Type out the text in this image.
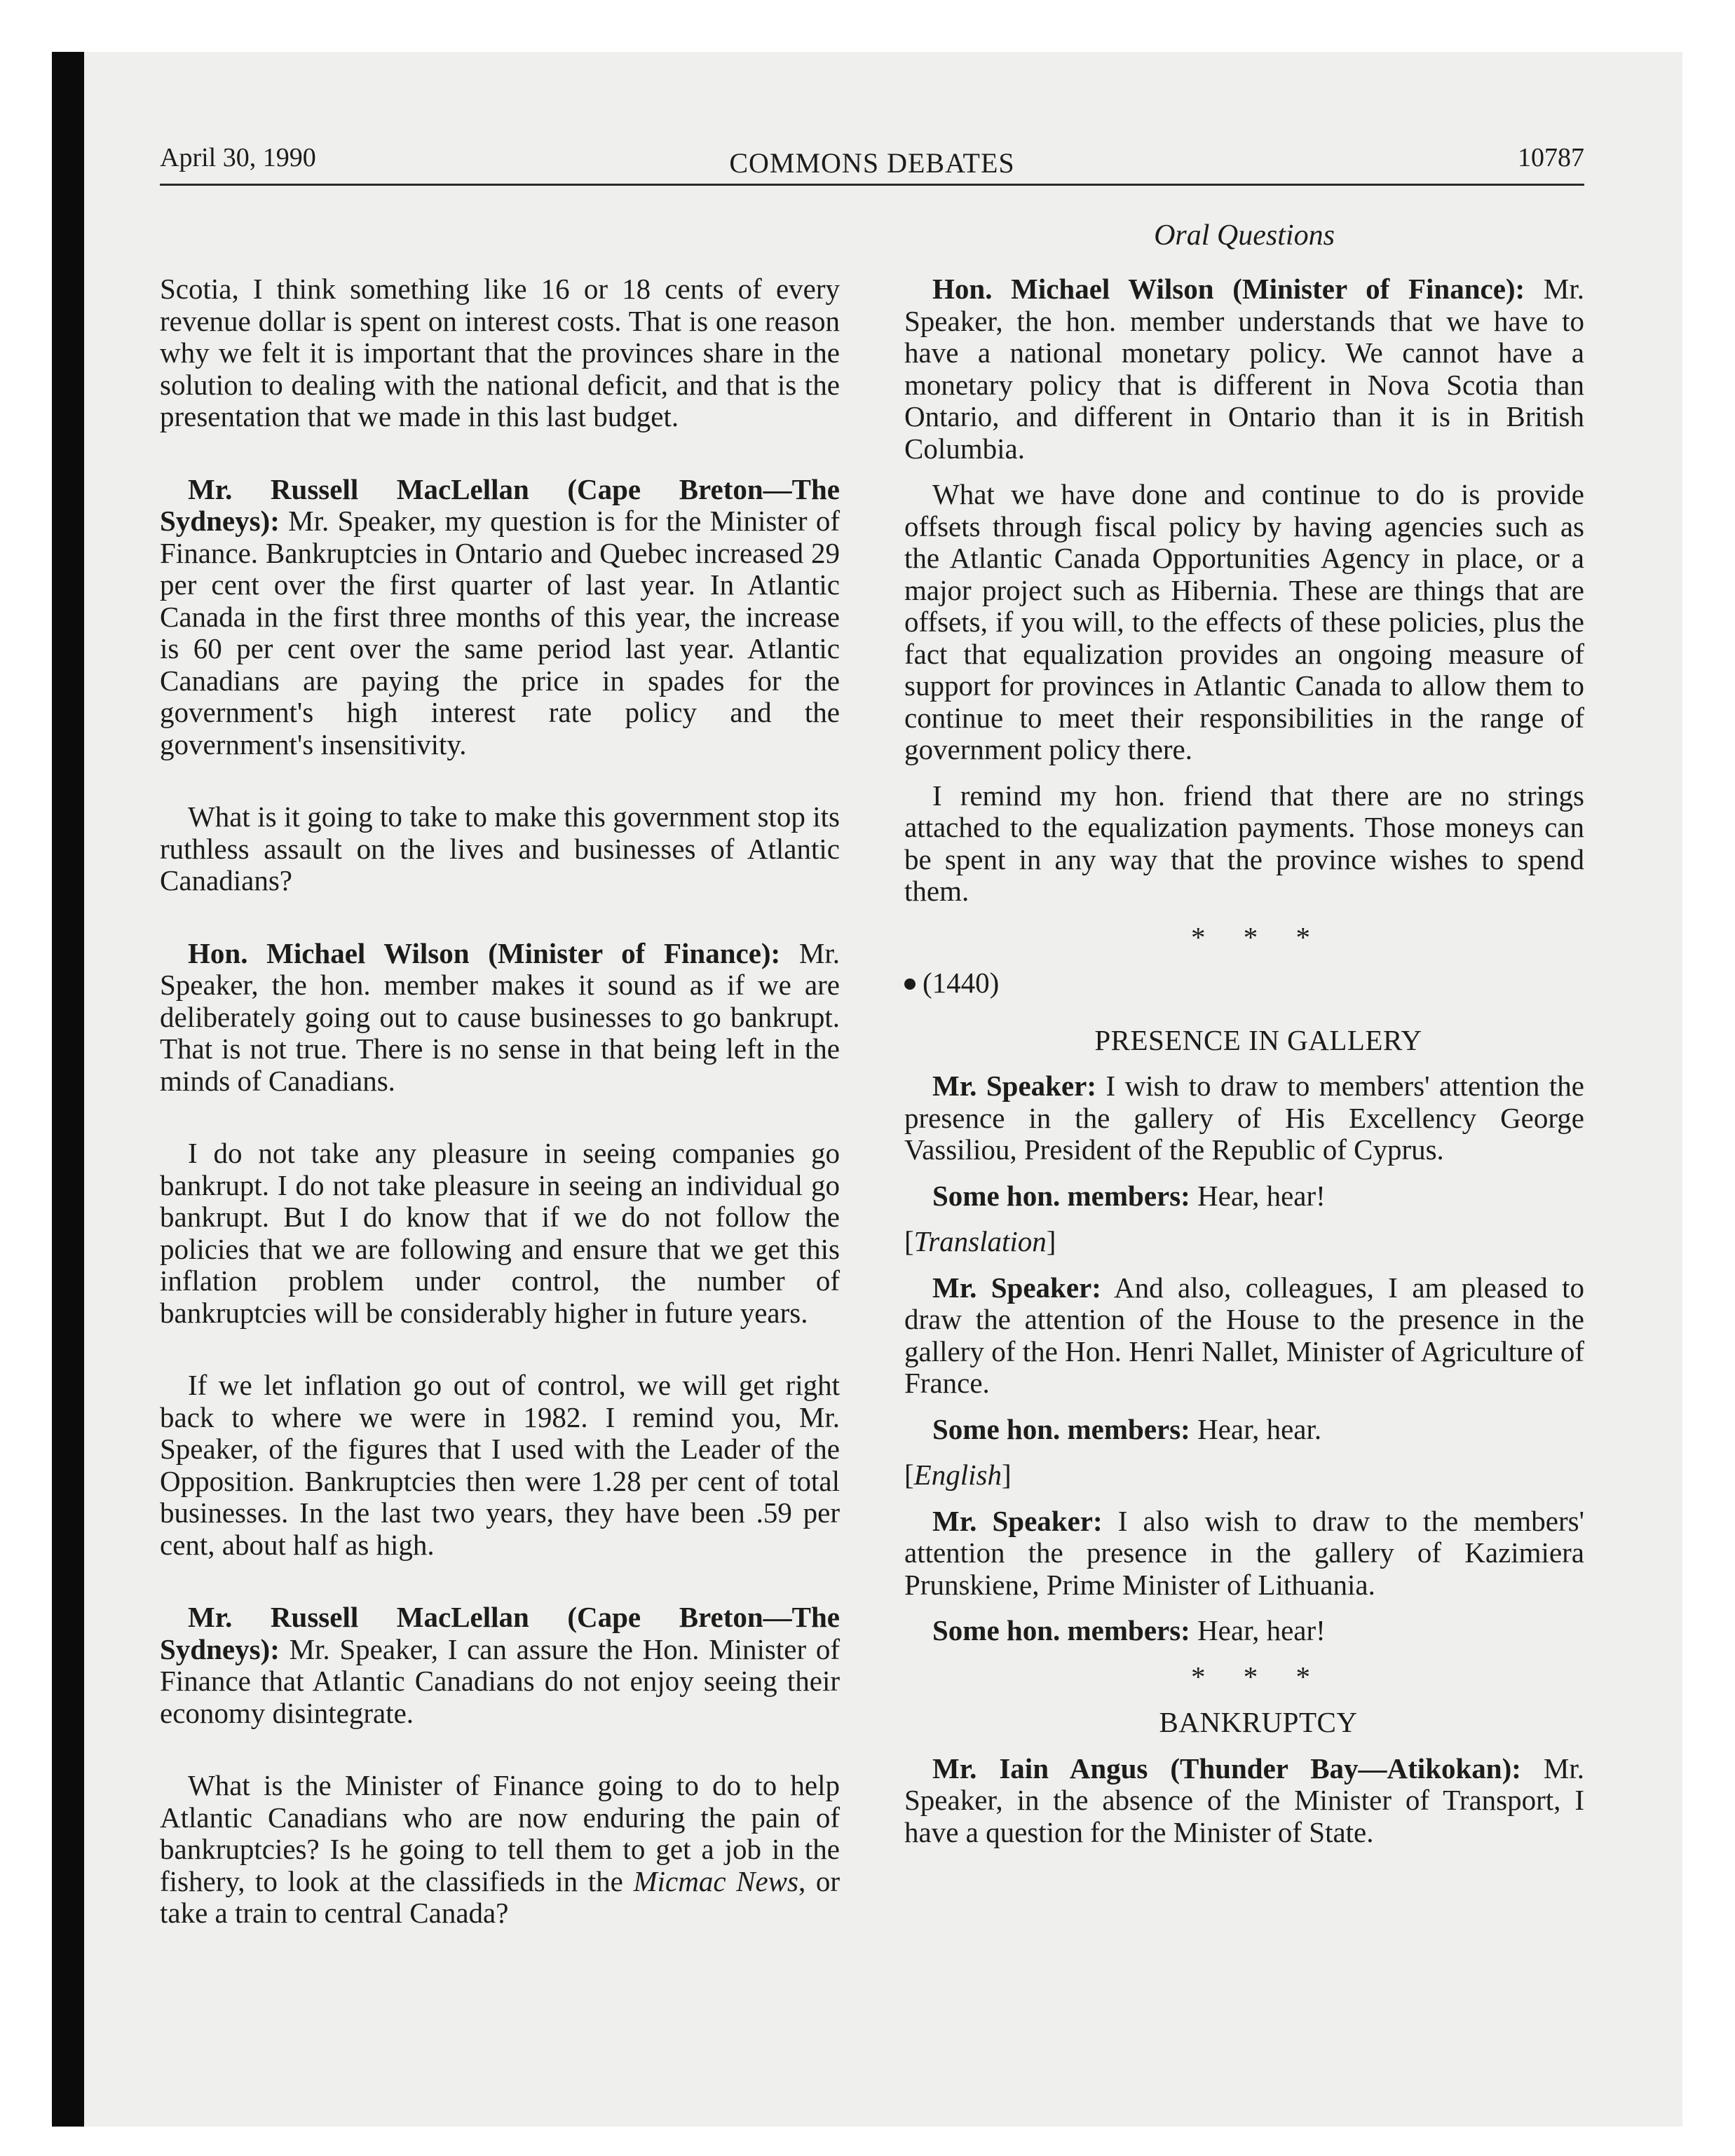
April 30, 1990	COMMONS DEBATES	10787
Oral Questions

Scotia, I think something like 16 or 18 cents of every revenue dollar is spent on interest costs. That is one reason why we felt it is important that the provinces share in the solution to dealing with the national deficit, and that is the presentation that we made in this last budget.

Mr. Russell MacLellan (Cape Breton—The Sydneys): Mr. Speaker, my question is for the Minister of Finance. Bankruptcies in Ontario and Quebec increased 29 per cent over the first quarter of last year. In Atlantic Canada in the first three months of this year, the increase is 60 per cent over the same period last year. Atlantic Canadians are paying the price in spades for the government's high interest rate policy and the government's insensitivity.

What is it going to take to make this government stop its ruthless assault on the lives and businesses of Atlantic Canadians?

Hon. Michael Wilson (Minister of Finance): Mr. Speaker, the hon. member makes it sound as if we are deliberately going out to cause businesses to go bankrupt. That is not true. There is no sense in that being left in the minds of Canadians.

I do not take any pleasure in seeing companies go bankrupt. I do not take pleasure in seeing an individual go bankrupt. But I do know that if we do not follow the policies that we are following and ensure that we get this inflation problem under control, the number of bankruptcies will be considerably higher in future years.

If we let inflation go out of control, we will get right back to where we were in 1982. I remind you, Mr. Speaker, of the figures that I used with the Leader of the Opposition. Bankruptcies then were 1.28 per cent of total businesses. In the last two years, they have been .59 per cent, about half as high.

Mr. Russell MacLellan (Cape Breton—The Sydneys): Mr. Speaker, I can assure the Hon. Minister of Finance that Atlantic Canadians do not enjoy seeing their economy disintegrate.

What is the Minister of Finance going to do to help Atlantic Canadians who are now enduring the pain of bankruptcies? Is he going to tell them to get a job in the fishery, to look at the classifieds in the Micmac News, or take a train to central Canada?

Hon. Michael Wilson (Minister of Finance): Mr. Speaker, the hon. member understands that we have to have a national monetary policy. We cannot have a monetary policy that is different in Nova Scotia than Ontario, and different in Ontario than it is in British Columbia.

What we have done and continue to do is provide offsets through fiscal policy by having agencies such as the Atlantic Canada Opportunities Agency in place, or a major project such as Hibernia. These are things that are offsets, if you will, to the effects of these policies, plus the fact that equalization provides an ongoing measure of support for provinces in Atlantic Canada to allow them to continue to meet their responsibilities in the range of government policy there.

I remind my hon. friend that there are no strings attached to the equalization payments. Those moneys can be spent in any way that the province wishes to spend them.

* * *

(1440)

PRESENCE IN GALLERY

Mr. Speaker: I wish to draw to members' attention the presence in the gallery of His Excellency George Vassiliou, President of the Republic of Cyprus.

Some hon. members: Hear, hear!

[Translation]

Mr. Speaker: And also, colleagues, I am pleased to draw the attention of the House to the presence in the gallery of the Hon. Henri Nallet, Minister of Agriculture of France.

Some hon. members: Hear, hear.

[English]

Mr. Speaker: I also wish to draw to the members' attention the presence in the gallery of Kazimiera Prunskiene, Prime Minister of Lithuania.

Some hon. members: Hear, hear!

* * *

BANKRUPTCY

Mr. Iain Angus (Thunder Bay—Atikokan): Mr. Speaker, in the absence of the Minister of Transport, I have a question for the Minister of State.
